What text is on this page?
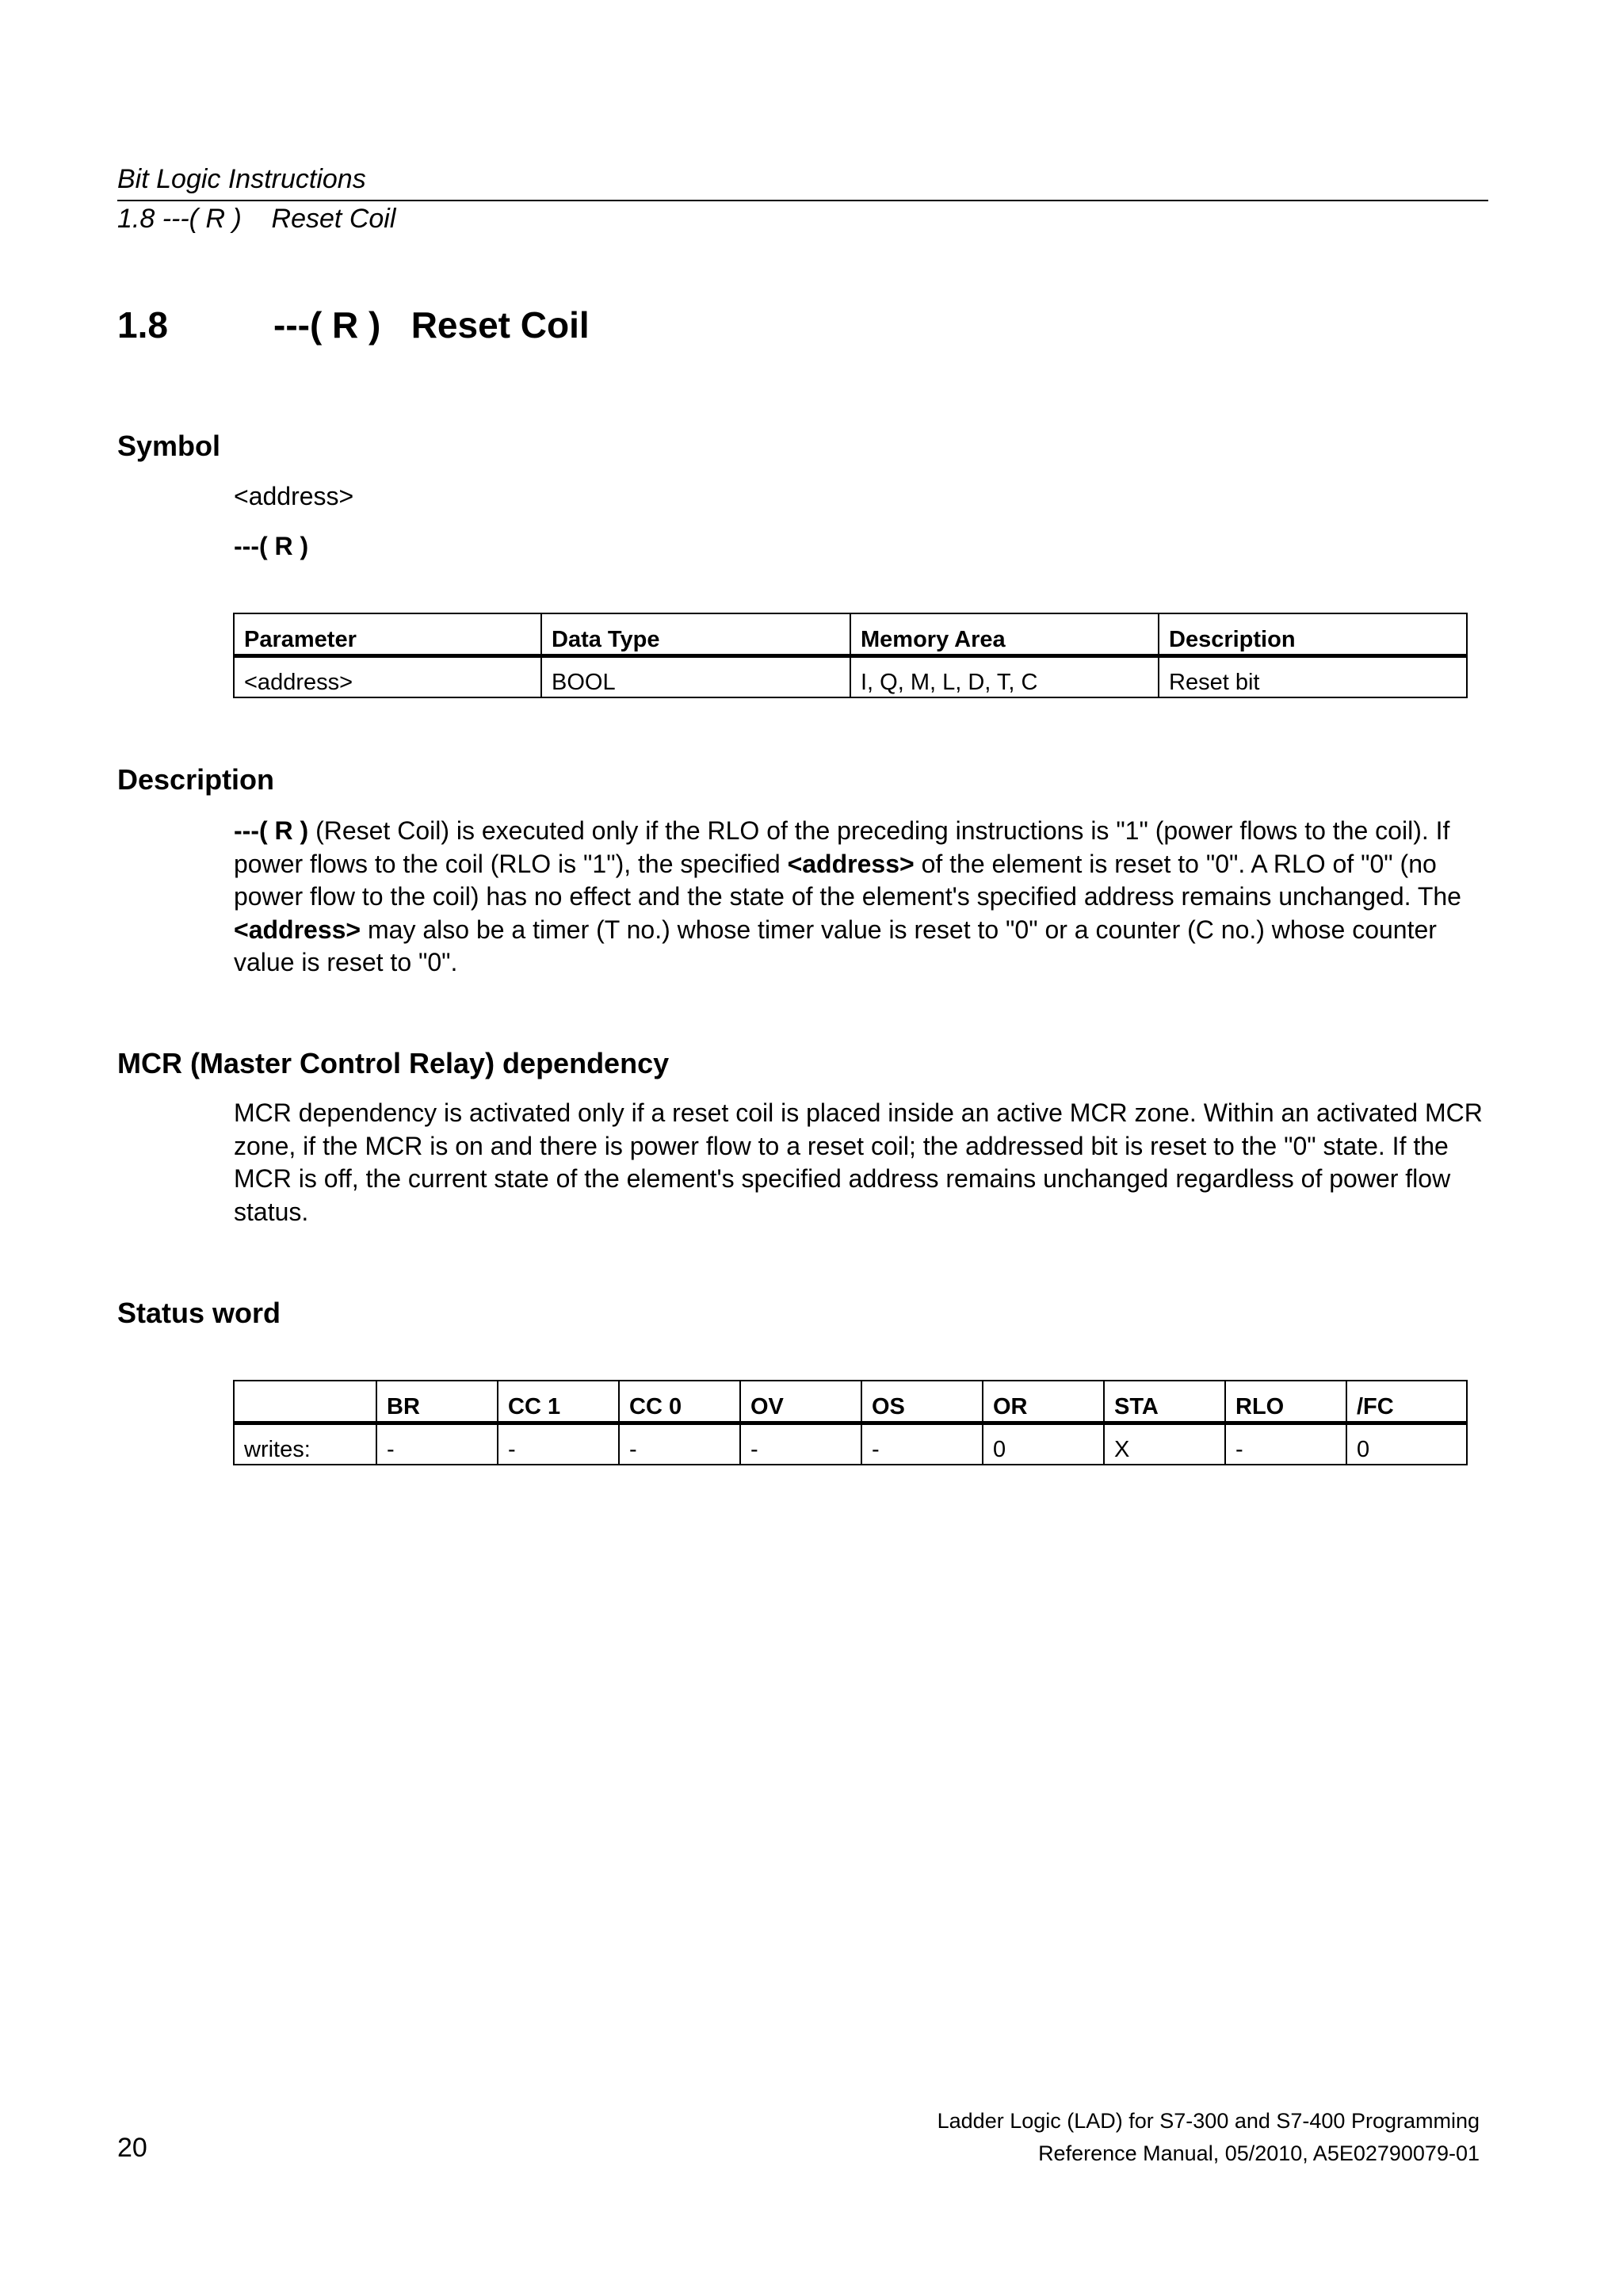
Bit Logic Instructions
1.8 ---( R )    Reset Coil
1.8	---( R )   Reset Coil
Symbol
<address>
---( R )
Parameter	Data Type	Memory Area	Description
<address>	BOOL	I, Q, M, L, D, T, C	Reset bit
Description
---( R ) (Reset Coil) is executed only if the RLO of the preceding instructions is "1" (power flows to the coil). If power flows to the coil (RLO is "1"), the specified <address> of the element is reset to "0". A RLO of "0" (no power flow to the coil) has no effect and the state of the element's specified address remains unchanged. The <address> may also be a timer (T no.) whose timer value is reset to "0" or a counter (C no.) whose counter value is reset to "0".
MCR (Master Control Relay) dependency
MCR dependency is activated only if a reset coil is placed inside an active MCR zone. Within an activated MCR zone, if the MCR is on and there is power flow to a reset coil; the addressed bit is reset to the "0" state. If the MCR is off, the current state of the element's specified address remains unchanged regardless of power flow status.
Status word
	BR	CC 1	CC 0	OV	OS	OR	STA	RLO	/FC
writes:	-	-	-	-	-	0	X	-	0
20
Ladder Logic (LAD) for S7-300 and S7-400 Programming
Reference Manual, 05/2010, A5E02790079-01
